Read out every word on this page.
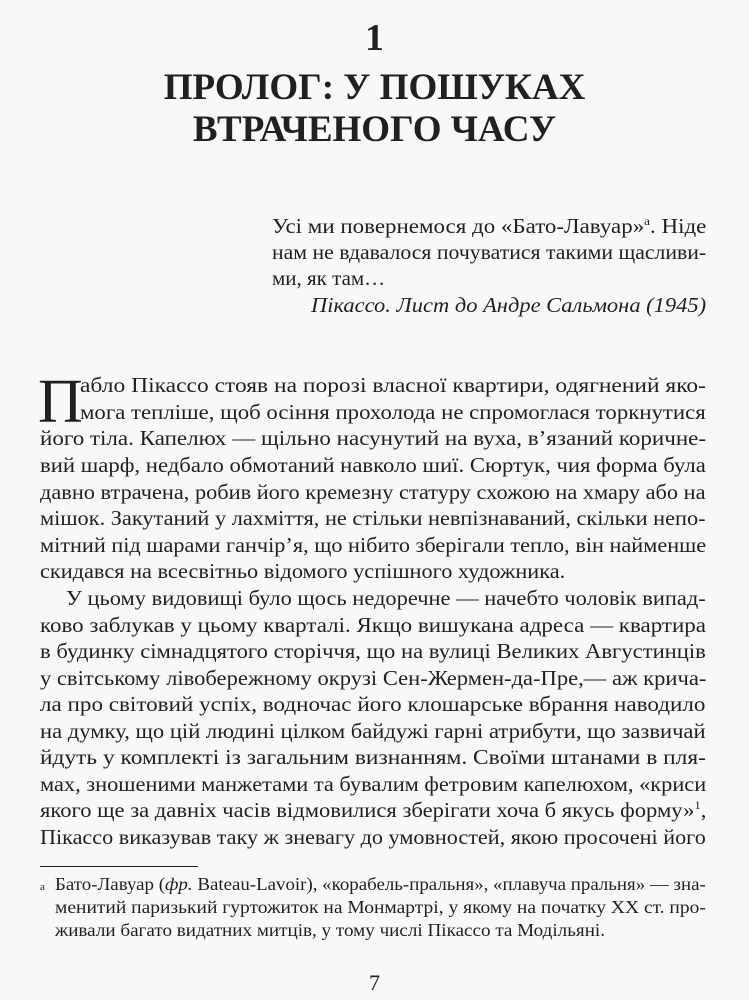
1
ПРОЛОГ: У ПОШУКАХ
ВТРАЧЕНОГО ЧАСУ
Усі ми повернемося до «Бато-Лавуар»$^а$. Ніде
нам не вдавалося почуватися такими щасливи-
ми, як там…
Пікассо. Лист до Андре Сальмона (1945)
П
абло Пікассо стояв на порозі власної квартири, одягнений яко-
мога тепліше, щоб осіння прохолода не спромоглася торкнутися
його тіла. Капелюх — щільно насунутий на вуха, в’язаний коричне-
вий шарф, недбало обмотаний навколо шиї. Сюртук, чия форма була
давно втрачена, робив його кремезну статуру схожою на хмару або на
мішок. Закутаний у лахміття, не стільки невпізнаваний, скільки непо-
мітний під шарами ганчір’я, що нібито зберігали тепло, він найменше
скидався на всесвітньо відомого успішного художника.
У цьому видовищі було щось недоречне — начебто чоловік випад-
ково заблукав у цьому кварталі. Якщо вишукана адреса — квартира
в будинку сімнадцятого сторіччя, що на вулиці Великих Августинців
у світському лівобережному окрузі Сен-Жермен-да-Пре,— аж крича-
ла про світовий успіх, водночас його клошарське вбрання наводило
на думку, що цій людині цілком байдужі гарні атрибути, що зазвичай
йдуть у комплекті із загальним визнанням. Своїми штанами в пля-
мах, зношеними манжетами та бувалим фетровим капелюхом, «криси
якого ще за давніх часів відмовилися зберігати хоча б якусь форму»$^1$,
Пікассо виказував таку ж зневагу до умовностей, якою просочені його
а Бато-Лавуар (фр. Bateau-Lavoir), «корабель-пральня», «плавуча пральня» — зна-
менитий паризький гуртожиток на Монмартрі, у якому на початку XX ст. про-
живали багато видатних митців, у тому числі Пікассо та Модільяні.
7
